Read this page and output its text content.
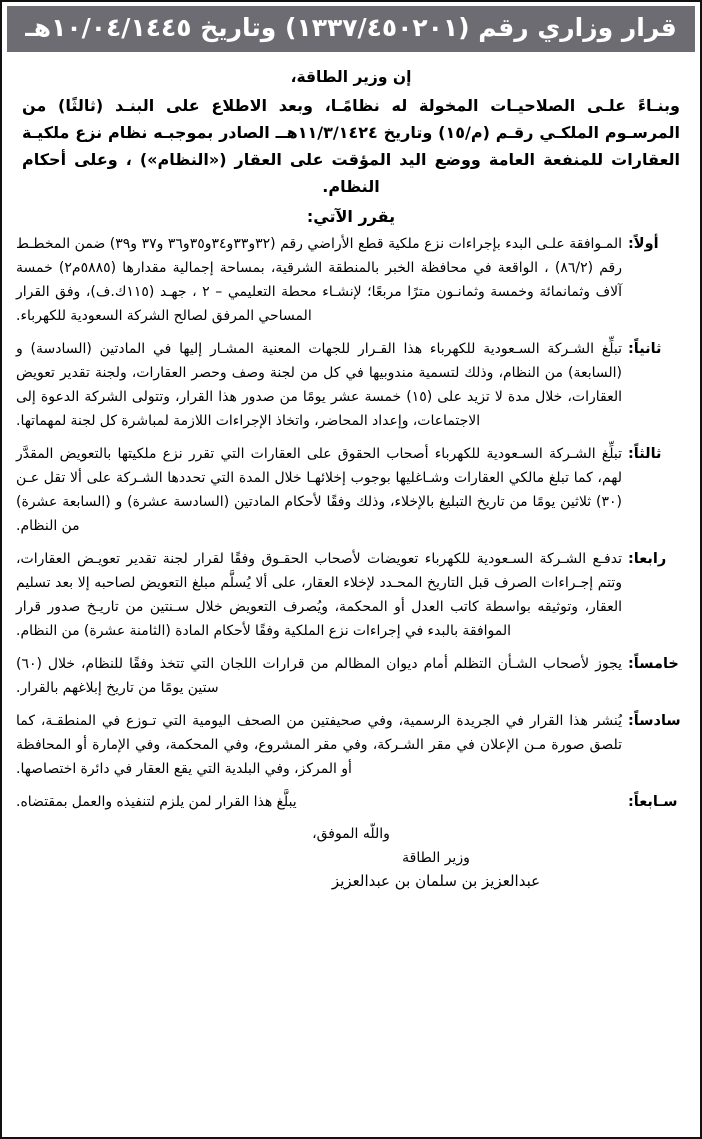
قرار وزاري رقم (١٣٣٧/٤٥٠٢٠١) وتاريخ ١٠/٠٤/١٤٤٥هـ
إن وزير الطاقة،
وبنـاءً علـى الصلاحيـات المخولة له نظامًـا، وبعد الاطلاع على البنـد (ثالثًا) من المرسـوم الملكـي رقـم (م/١٥) وتاريخ ١١/٣/١٤٢٤هــ الصادر بموجبـه نظام نزع ملكيـة العقارات للمنفعة العامة ووضع اليد المؤقت على العقار («النظام») ، وعلى أحكام النظام.
يقرر الآتي:
أولاً:
المـوافقة علـى البدء بإجراءات نزع ملكية قطع الأراضي رقم (٣٢و٣٣و٣٤و٣٥و٣٦ و٣٧ و٣٩) ضمن المخطـط رقم (٨٦/٢) ، الواقعة في محافظة الخبر بالمنطقة الشرقية، بمساحة إجمالية مقدارها (٥٨٨٥م٢) خمسة آلاف وثمانمائة وخمسة وثمانـون مترًا مربعًا؛ لإنشـاء محطة التعليمي – ٢ ، جهـد (١١٥ك.ف)، وفق القرار المساحي المرفق لصالح الشركة السعودية للكهرباء.
ثانياً:
تبلِّغ الشـركة السـعودية للكهرباء هذا القـرار للجهات المعنية المشـار إليها في المادتين (السادسة) و (السابعة) من النظام، وذلك لتسمية مندوبيها في كل من لجنة وصف وحصر العقارات، ولجنة تقدير تعويض العقارات، خلال مدة لا تزيد على (١٥) خمسة عشر يومًا من صدور هذا القرار، وتتولى الشركة الدعوة إلى الاجتماعات، وإعداد المحاضر، واتخاذ الإجراءات اللازمة لمباشرة كل لجنة لمهماتها.
ثالثاً:
تبلِّغ الشـركة السـعودية للكهرباء أصحاب الحقوق على العقارات التي تقرر نزع ملكيتها بالتعويض المقدَّر لهم، كما تبلغ مالكي العقارات وشـاغليها بوجوب إخلائهـا خلال المدة التي تحددها الشـركة على ألا تقل عـن (٣٠) ثلاثين يومًا من تاريخ التبليغ بالإخلاء، وذلك وفقًا لأحكام المادتين (السادسة عشرة) و (السابعة عشرة) من النظام.
رابعا:
تدفـع الشـركة السـعودية للكهرباء تعويضات لأصحاب الحقـوق وفقًا لقرار لجنة تقدير تعويـض العقارات، وتتم إجـراءات الصرف قبل التاريخ المحـدد لإخلاء العقار، على ألا يُسلَّم مبلغ التعويض لصاحبه إلا بعد تسليم العقار، وتوثيقه بواسطة كاتب العدل أو المحكمة، ويُصرف التعويض خلال سـنتين من تاريـخ صدور قرار الموافقة بالبدء في إجراءات نزع الملكية وفقًا لأحكام المادة (الثامنة عشرة) من النظام.
خامساً:
يجوز لأصحاب الشـأن التظلم أمام ديوان المظالم من قرارات اللجان التي تتخذ وفقًا للنظام، خلال (٦٠) ستين يومًا من تاريخ إبلاغهم بالقرار.
سادساً:
يُنشر هذا القرار في الجريدة الرسمية، وفي صحيفتين من الصحف اليومية التي تـوزع في المنطقـة، كما تلصق صورة مـن الإعلان في مقر الشـركة، وفي مقر المشروع، وفي المحكمة، وفي الإمارة أو المحافظة أو المركز، وفي البلدية التي يقع العقار في دائرة اختصاصها.
سـابعاً:
يبلَّغ هذا القرار لمن يلزم لتنفيذه والعمل بمقتضاه.
واللّه الموفق،
وزير الطاقة
عبدالعزيز بن سلمان بن عبدالعزيز
